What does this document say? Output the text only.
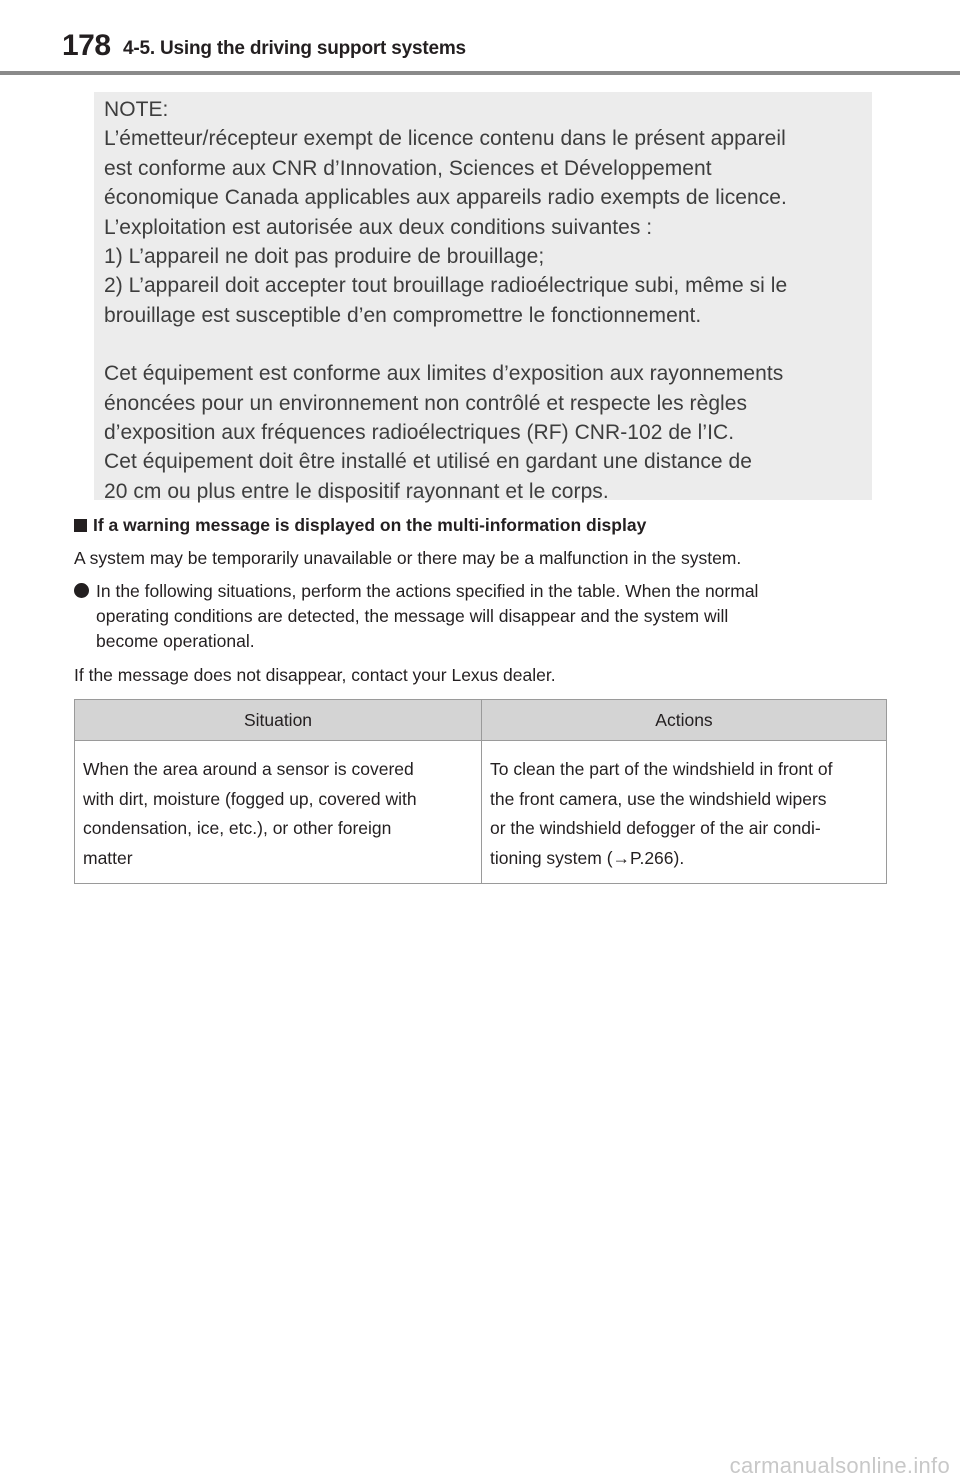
178 4-5. Using the driving support systems
NOTE:
L’émetteur/récepteur exempt de licence contenu dans le présent appareil
est conforme aux CNR d’Innovation, Sciences et Développement
économique Canada applicables aux appareils radio exempts de licence.
L’exploitation est autorisée aux deux conditions suivantes :
1) L’appareil ne doit pas produire de brouillage;
2) L’appareil doit accepter tout brouillage radioélectrique subi, même si le
brouillage est susceptible d’en compromettre le fonctionnement.
Cet équipement est conforme aux limites d’exposition aux rayonnements
énoncées pour un environnement non contrôlé et respecte les règles
d’exposition aux fréquences radioélectriques (RF) CNR-102 de l’IC.
Cet équipement doit être installé et utilisé en gardant une distance de
20 cm ou plus entre le dispositif rayonnant et le corps.
If a warning message is displayed on the multi-information display
A system may be temporarily unavailable or there may be a malfunction in the system.
In the following situations, perform the actions specified in the table. When the normal
operating conditions are detected, the message will disappear and the system will
become operational.
If the message does not disappear, contact your Lexus dealer.
Situation	Actions

When the area around a sensor is covered
with dirt, moisture (fogged up, covered with
condensation, ice, etc.), or other foreign
matter	To clean the part of the windshield in front of
the front camera, use the windshield wipers
or the windshield defogger of the air condi-
tioning system (→P.266).
carmanualsonline.info
